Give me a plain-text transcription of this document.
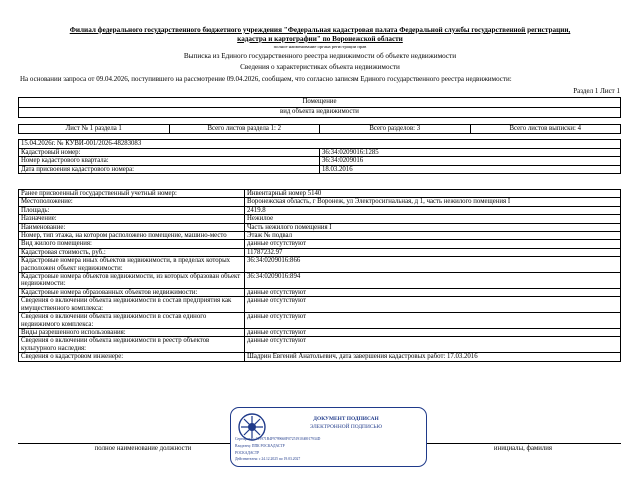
Филиал федерального государственного бюджетного учреждения "Федеральная кадастровая палата Федеральной службы государственной регистрации,
кадастра и картографии" по Воронежской области
полное наименование органа регистрации прав
Выписка из Единого государственного реестра недвижимости об объекте недвижимости
Сведения о характеристиках объекта недвижимости
На основании запроса от 09.04.2026, поступившего на рассмотрение 09.04.2026, сообщаем, что согласно записям Единого государственного реестра недвижимости:
Раздел 1 Лист 1
Помещение
вид объекта недвижимости
Лист № 1 раздела 1	Всего листов раздела 1: 2	Всего разделов: 3	Всего листов выписки: 4
15.04.2026г. № КУВИ-001/2026-48283083	
Кадастровый номер:	36:34:0209016:1285
Номер кадастрового квартала:	36:34:0209016
Дата присвоения кадастрового номера:	18.03.2016
Ранее присвоенный государственный учетный номер:	Инвентарный номер 5140
Местоположение:	Воронежская область, г Воронеж, ул Электросигнальная, д 1, часть нежилого помещения I
Площадь:	2419.8
Назначение:	Нежилое
Наименование:	Часть нежилого помещения I
Номер, тип этажа, на котором расположено помещение, машино-место	Этаж № подвал
Вид жилого помещения:	данные отсутствуют
Кадастровая стоимость, руб.:	11787232.97
Кадастровые номера иных объектов недвижимости, в пределах которых расположен объект недвижимости:	36:34:0209016:866
Кадастровые номера объектов недвижимости, из которых образован объект недвижимости:	36:34:0209016:894
Кадастровые номера образованных объектов недвижимости:	данные отсутствуют
Сведения о включении объекта недвижимости в состав предприятия как имущественного комплекса:	данные отсутствуют
Сведения о включении объекта недвижимости в состав единого недвижимого комплекса:	данные отсутствуют
Виды разрешенного использования:	данные отсутствуют
Сведения о включении объекта недвижимости в реестр объектов культурного наследия:	данные отсутствуют
Сведения о кадастровом инженере:	Шадрин Евгений Анатольевич, дата завершения кадастровых работ: 17.03.2016
полное наименование должности	инициалы, фамилия
ДОКУМЕНТ ПОДПИСАН
ЭЛЕКТРОННОЙ ПОДПИСЬЮ
Сертификат: 019971B4F9799660F0725191046917934D
Владелец: ППК РОСКАДАСТР
РОСКАДАСТР
Действителен: с 24.12.2025 по 19.03.2027
